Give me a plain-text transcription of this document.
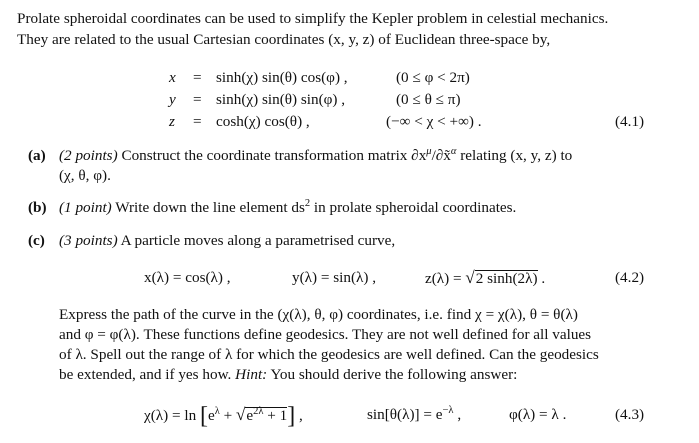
Prolate spheroidal coordinates can be used to simplify the Kepler problem in celestial mechanics.
They are related to the usual Cartesian coordinates (x, y, z) of Euclidean three-space by,
x = sinh(χ) sin(θ) cos(φ) ,	(0 ≤ φ < 2π)
y = sinh(χ) sin(θ) sin(φ) ,	(0 ≤ θ ≤ π)
z = cosh(χ) cos(θ) ,	(−∞ < χ < +∞) .	(4.1)
(a) (2 points) Construct the coordinate transformation matrix $\partial x^\mu/\partial x̃^\alpha$ relating (x, y, z) to
(χ, θ, φ).
(b) (1 point) Write down the line element $ds^2$ in prolate spheroidal coordinates.
(c) (3 points) A particle moves along a parametrised curve,
x(λ) = cos(λ) ,	y(λ) = sin(λ) ,	z(λ) = √2 sinh(2λ) .	(4.2)
Express the path of the curve in the (χ(λ), θ, φ) coordinates, i.e. find χ = χ(λ), θ = θ(λ)
and φ = φ(λ). These functions define geodesics. They are not well defined for all values
of λ. Spell out the range of λ for which the geodesics are well defined. Can the geodesics
be extended, and if yes how. Hint: You should derive the following answer:
$\chi(\lambda) = \ln [e^\lambda + √e^{2\lambda} + 1]$ ,	$\sin[\theta(\lambda)] = e^{-\lambda}$ ,	φ(λ) = λ .	(4.3)
